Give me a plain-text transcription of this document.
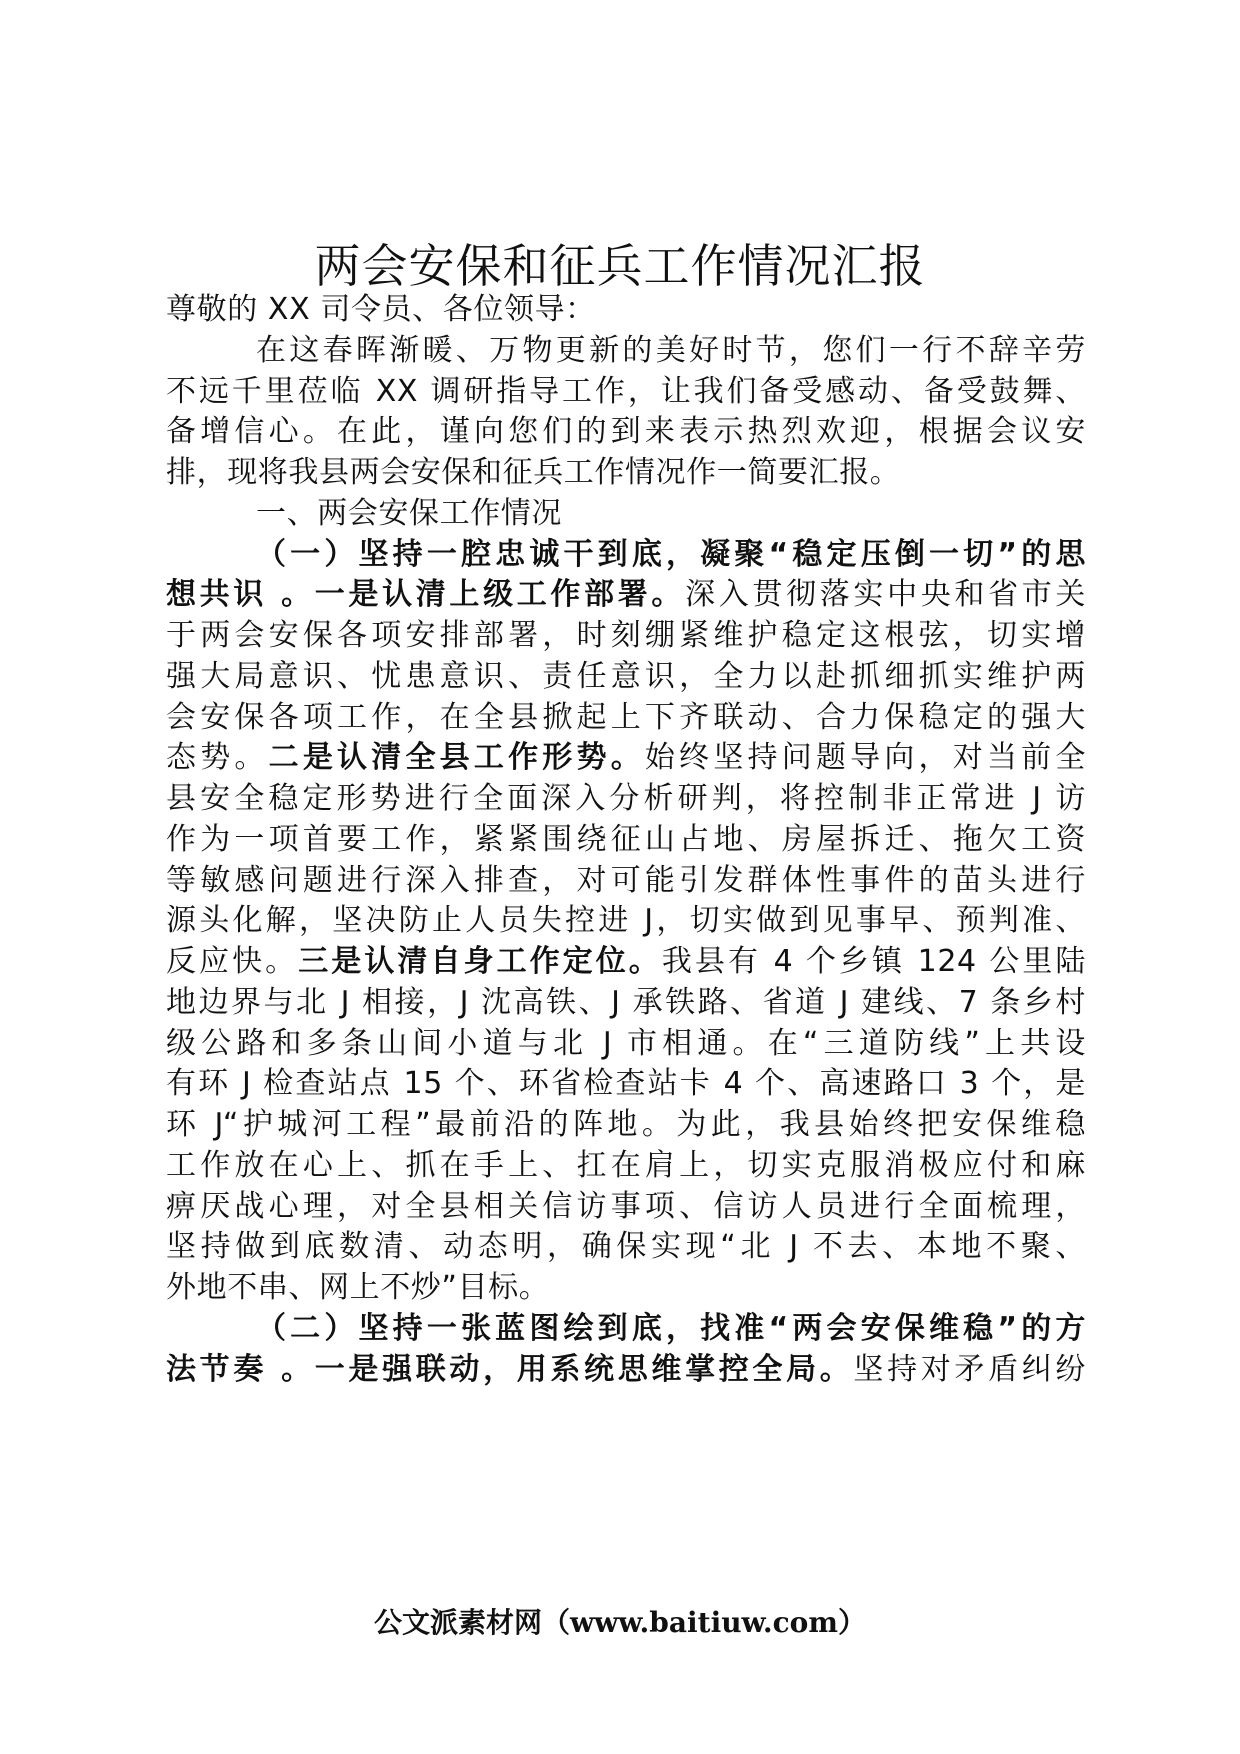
两会安保和征兵工作情况汇报
尊敬的 XX 司令员、各位领导：
在这春晖渐暖、万物更新的美好时节，您们一行不辞辛劳
不远千里莅临 XX 调研指导工作，让我们备受感动、备受鼓舞、
备增信心。在此，谨向您们的到来表示热烈欢迎，根据会议安
排，现将我县两会安保和征兵工作情况作一简要汇报。
一、两会安保工作情况
（一）坚持一腔忠诚干到底，凝聚“稳定压倒一切”的思
想共识 。一是认清上级工作部署。深入贯彻落实中央和省市关
于两会安保各项安排部署，时刻绷紧维护稳定这根弦，切实增
强大局意识、忧患意识、责任意识，全力以赴抓细抓实维护两
会安保各项工作，在全县掀起上下齐联动、合力保稳定的强大
态势。二是认清全县工作形势。始终坚持问题导向，对当前全
县安全稳定形势进行全面深入分析研判，将控制非正常进 J 访
作为一项首要工作，紧紧围绕征山占地、房屋拆迁、拖欠工资
等敏感问题进行深入排查，对可能引发群体性事件的苗头进行
源头化解，坚决防止人员失控进 J，切实做到见事早、预判准、
反应快。三是认清自身工作定位。我县有 4 个乡镇 124 公里陆
地边界与北 J 相接，J 沈高铁、J 承铁路、省道 J 建线、7 条乡村
级公路和多条山间小道与北 J 市相通。在“三道防线”上共设
有环 J 检查站点 15 个、环省检查站卡 4 个、高速路口 3 个，是
环 J“护城河工程”最前沿的阵地。为此，我县始终把安保维稳
工作放在心上、抓在手上、扛在肩上，切实克服消极应付和麻
痹厌战心理，对全县相关信访事项、信访人员进行全面梳理，
坚持做到底数清、动态明，确保实现“北 J 不去、本地不聚、
外地不串、网上不炒”目标。
（二）坚持一张蓝图绘到底，找准“两会安保维稳”的方
法节奏 。一是强联动，用系统思维掌控全局。坚持对矛盾纠纷
公文派素材网（www.baitiuw.com）
